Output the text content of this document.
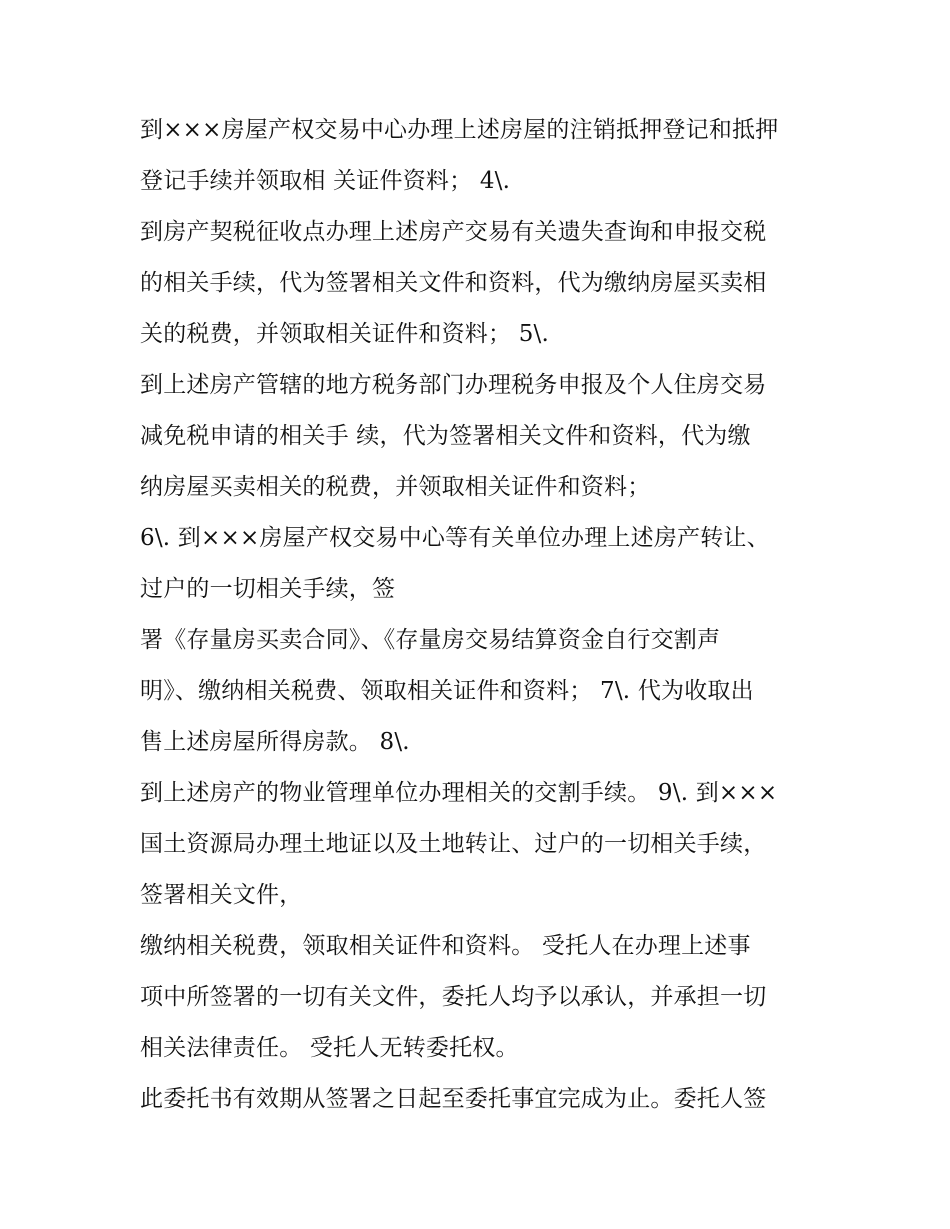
到×××房屋产权交易中心办理上述房屋的注销抵押登记和抵押
登记手续并领取相 关证件资料； 4\.
到房产契税征收点办理上述房产交易有关遗失查询和申报交税
的相关手续，代为签署相关文件和资料，代为缴纳房屋买卖相
关的税费，并领取相关证件和资料； 5\.
到上述房产管辖的地方税务部门办理税务申报及个人住房交易
减免税申请的相关手 续，代为签署相关文件和资料，代为缴
纳房屋买卖相关的税费，并领取相关证件和资料；
6\. 到×××房屋产权交易中心等有关单位办理上述房产转让、
过户的一切相关手续，签
署《存量房买卖合同》、《存量房交易结算资金自行交割声
明》、缴纳相关税费、领取相关证件和资料； 7\. 代为收取出
售上述房屋所得房款。 8\.
到上述房产的物业管理单位办理相关的交割手续。 9\. 到×××
国土资源局办理土地证以及土地转让、过户的一切相关手续，
签署相关文件，
缴纳相关税费，领取相关证件和资料。 受托人在办理上述事
项中所签署的一切有关文件，委托人均予以承认，并承担一切
相关法律责任。 受托人无转委托权。
此委托书有效期从签署之日起至委托事宜完成为止。委托人签
